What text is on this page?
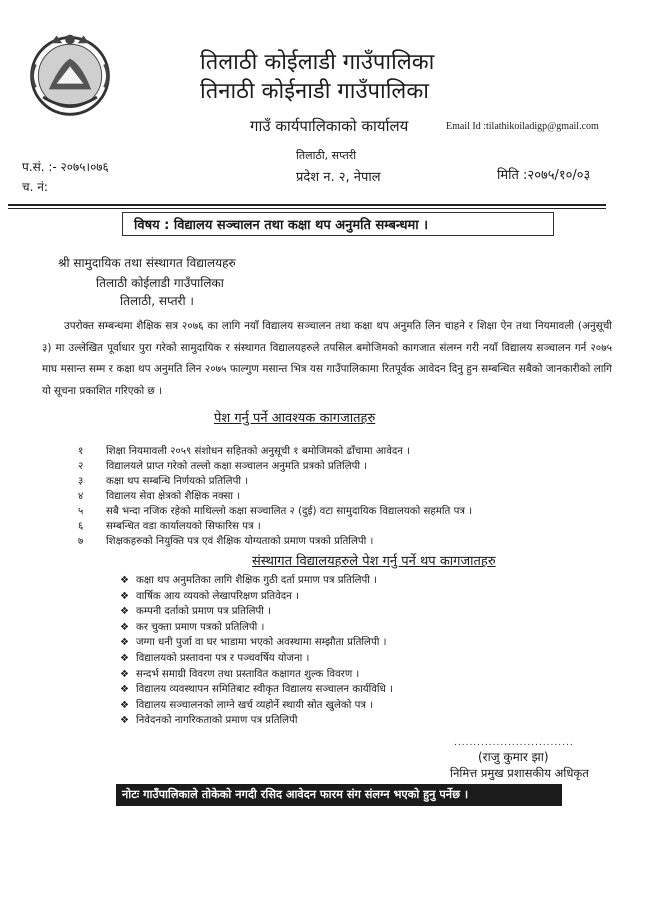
तिलाठी कोईलाडी गाउँपालिका
तिनाठी कोईनाडी गाउँपालिका
गाउँ कार्यपालिकाको कार्यालय	Email Id :tilathikoiladigp@gmail.com
तिलाठी, सप्तरी
प्रदेश न. २, नेपाल
प.सं. :- २०७५।०७६
च. नं:
मिति :२०७५/१०/०३
विषय : विद्यालय सञ्चालन तथा कक्षा थप अनुमति सम्बन्धमा ।
श्री सामुदायिक तथा संस्थागत विद्यालयहरु
तिलाठी कोईलाडी गाउँपालिका
तिलाठी, सप्तरी ।
उपरोक्त सम्बन्धमा शैक्षिक सत्र २०७६ का लागि नयाँ विद्यालय सञ्चालन तथा कक्षा थप अनुमति लिन चाहने र शिक्षा ऐन तथा नियमावली (अनुसूची ३) मा उल्लेखित पूर्वाधार पुरा गरेको सामुदायिक र संस्थागत विद्यालयहरुले तपसिल बमोजिमको कागजात संलग्न गरी नयाँ विद्यालय सञ्चालन गर्न २०७५ माघ मसान्त सम्म र कक्षा थप अनुमति लिन २०७५ फाल्गुण मसान्त भित्र यस गाउँपालिकामा रितपूर्वक आवेदन दिनु हुन सम्बन्धित सबैको जानकारीको लागि यो सूचना प्रकाशित गरिएको छ ।
पेश गर्नु पर्ने आवश्यक कागजातहरु
१ शिक्षा नियमावली २०५९ संशोधन सहितको अनुसूची १ बमोजिमको ढाँचामा आवेदन ।
२ विद्यालयले प्राप्त गरेको तल्लो कक्षा सञ्चालन अनुमति प्रत्रको प्रतिलिपी ।
३ कक्षा थप सम्बन्धि निर्णयको प्रतिलिपी ।
४ विद्यालय सेवा क्षेत्रको शैक्षिक नक्सा ।
५ सबै भन्दा नजिक रहेको माथिल्लो कक्षा सञ्चालित २ (दुई) वटा सामुदायिक विद्यालयको सहमति पत्र ।
६ सम्बन्धित वडा कार्यालयको सिफारिस पत्र ।
७ शिक्षकहरुको नियुक्ति पत्र एवं शैक्षिक योग्यताको प्रमाण पत्रको प्रतिलिपी ।
संस्थागत विद्यालयहरुले पेश गर्नु पर्ने थप कागजातहरु
❖ कक्षा थप अनुमतिका लागि शैक्षिक गुठी दर्ता प्रमाण पत्र प्रतिलिपी ।
❖ वार्षिक आय व्ययको लेखापरिक्षण प्रतिवेदन ।
❖ कम्पनी दर्ताको प्रमाण पत्र प्रतिलिपी ।
❖ कर चुक्ता प्रमाण पत्रको प्रतिलिपी ।
❖ जग्गा धनी पुर्जा वा घर भाडामा भएको अवस्थामा सम्झौता प्रतिलिपी ।
❖ विद्यालयको प्रस्तावना पत्र र पञ्चवर्षिय योजना ।
❖ सन्दर्भ समाग्री विवरण तथा प्रस्तावित कक्षागत शुल्क विवरण ।
❖ विद्यालय व्यवस्थापन समितिबाट स्वीकृत विद्यालय सञ्चालन कार्यविधि ।
❖ विद्यालय सञ्चालनको लाग्ने खर्च व्यहोर्ने स्थायी स्रोत खुलेको पत्र ।
❖ निवेदनको नागरिकताको प्रमाण पत्र प्रतिलिपी
...............................
(राजु कुमार झा)
निमित्त प्रमुख प्रशासकीय अधिकृत
नोटः गाउँपालिकाले तोकेको नगदी रसिद आवेदन फारम संग संलग्न भएको हुनु पर्नेछ ।
